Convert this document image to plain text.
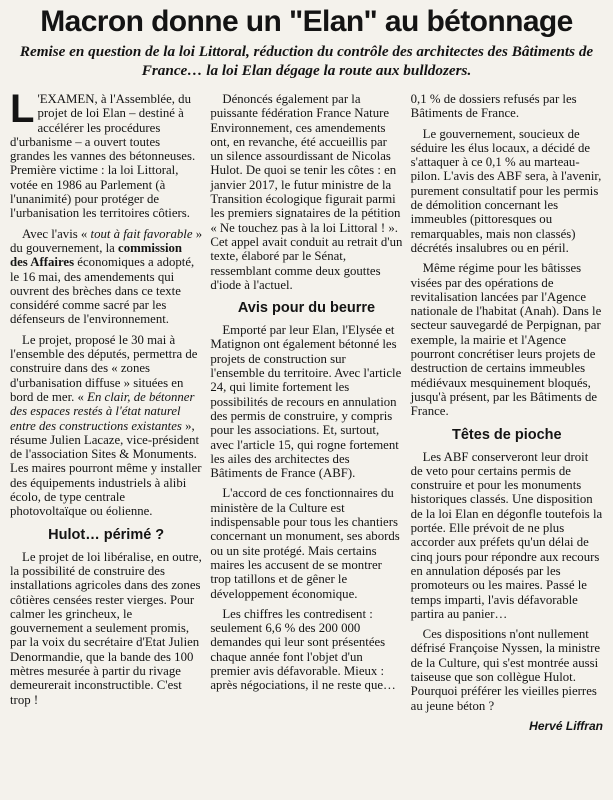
Macron donne un "Elan" au bétonnage

Remise en question de la loi Littoral, réduction du contrôle des architectes des Bâtiments de France… la loi Elan dégage la route aux bulldozers.

L 'EXAMEN, à l'Assemblée, du projet de loi Elan – destiné à accélérer les procédures d'urbanisme – a ouvert toutes grandes les vannes des bétonneuses. Première victime : la loi Littoral, votée en 1986 au Parlement (à l'unanimité) pour protéger de l'urbanisation les territoires côtiers.

Avec l'avis « tout à fait favorable » du gouvernement, la commission des Affaires économiques a adopté, le 16 mai, des amendements qui ouvrent des brèches dans ce texte considéré comme sacré par les défenseurs de l'environnement.

Le projet, proposé le 30 mai à l'ensemble des députés, permettra de construire dans des « zones d'urbanisation diffuse » situées en bord de mer. « En clair, de bétonner des espaces restés à l'état naturel entre des constructions existantes », résume Julien Lacaze, vice-président de l'association Sites & Monuments. Les maires pourront même y installer des équipements industriels à alibi écolo, de type centrale photovoltaïque ou éolienne.

Hulot… périmé ?

Le projet de loi libéralise, en outre, la possibilité de construire des installations agricoles dans des zones côtières censées rester vierges. Pour calmer les grincheux, le gouvernement a seulement promis, par la voix du secrétaire d'Etat Julien Denormandie, que la bande des 100 mètres mesurée à partir du rivage demeurerait inconstructible. C'est trop !

Dénoncés également par la puissante fédération France Nature Environnement, ces amendements ont, en revanche, été accueillis par un silence assourdissant de Nicolas Hulot. De quoi se tenir les côtes : en janvier 2017, le futur ministre de la Transition écologique figurait parmi les premiers signataires de la pétition « Ne touchez pas à la loi Littoral ! ». Cet appel avait conduit au retrait d'un texte, élaboré par le Sénat, ressemblant comme deux gouttes d'iode à l'actuel.

Avis pour du beurre

Emporté par leur Elan, l'Elysée et Matignon ont également bétonné les projets de construction sur l'ensemble du territoire. Avec l'article 24, qui limite fortement les possibilités de recours en annulation des permis de construire, y compris pour les associations. Et, surtout, avec l'article 15, qui rogne fortement les ailes des architectes des Bâtiments de France (ABF).

L'accord de ces fonctionnaires du ministère de la Culture est indispensable pour tous les chantiers concernant un monument, ses abords ou un site protégé. Mais certains maires les accusent de se montrer trop tatillons et de gêner le développement économique.

Les chiffres les contredisent : seulement 6,6 % des 200 000 demandes qui leur sont présentées chaque année font l'objet d'un premier avis défavorable. Mieux : après négociations, il ne reste que…

0,1 % de dossiers refusés par les Bâtiments de France.

Le gouvernement, soucieux de séduire les élus locaux, a décidé de s'attaquer à ce 0,1 % au marteau-pilon. L'avis des ABF sera, à l'avenir, purement consultatif pour les permis de démolition concernant les immeubles (pittoresques ou remarquables, mais non classés) décrétés insalubres ou en péril.

Même régime pour les bâtisses visées par des opérations de revitalisation lancées par l'Agence nationale de l'habitat (Anah). Dans le secteur sauvegardé de Perpignan, par exemple, la mairie et l'Agence pourront concrétiser leurs projets de destruction de certains immeubles médiévaux mesquinement bloqués, jusqu'à présent, par les Bâtiments de France.

Têtes de pioche

Les ABF conserveront leur droit de veto pour certains permis de construire et pour les monuments historiques classés. Une disposition de la loi Elan en dégonfle toutefois la portée. Elle prévoit de ne plus accorder aux préfets qu'un délai de cinq jours pour répondre aux recours en annulation déposés par les promoteurs ou les maires. Passé le temps imparti, l'avis défavorable partira au panier…

Ces dispositions n'ont nullement défrisé Françoise Nyssen, la ministre de la Culture, qui s'est montrée aussi taiseuse que son collègue Hulot. Pourquoi préférer les vieilles pierres au jeune béton ?

Hervé Liffran
